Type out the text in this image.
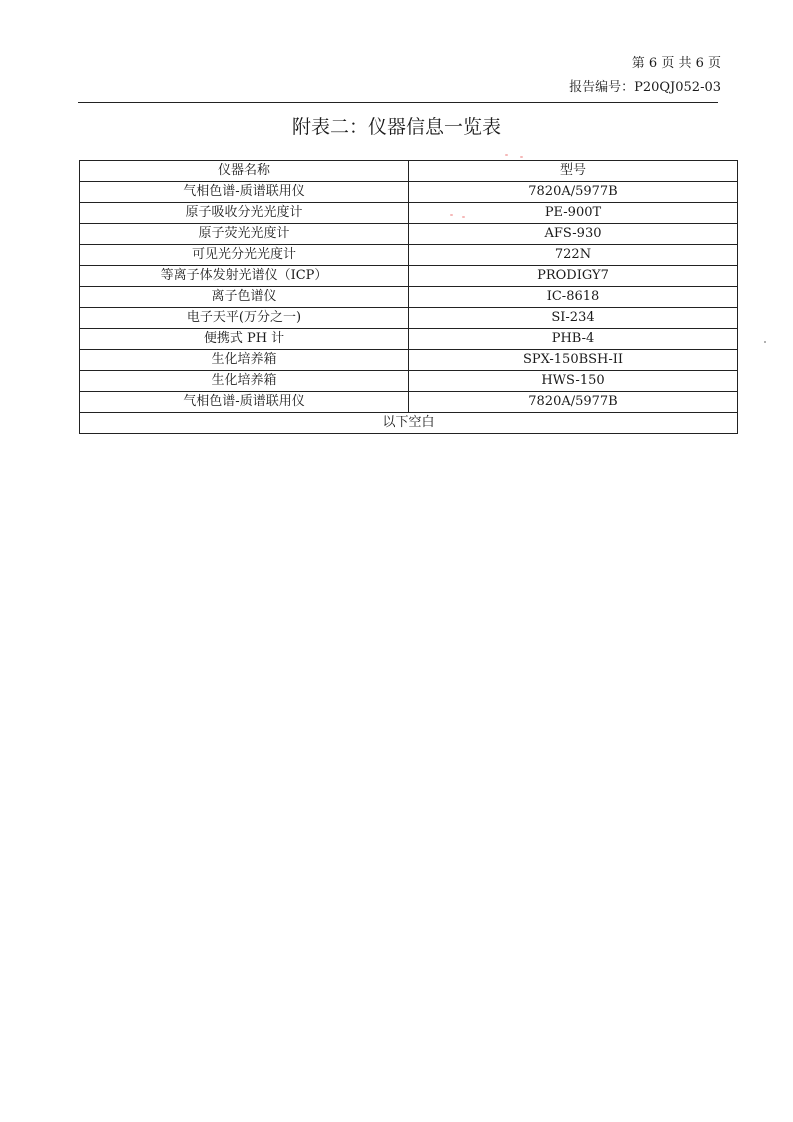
第 6 页 共 6 页
报告编号：P20QJ052-03
附表二：仪器信息一览表
仪器名称	型号
气相色谱-质谱联用仪	7820A/5977B
原子吸收分光光度计	PE-900T
原子荧光光度计	AFS-930
可见光分光光度计	722N
等离子体发射光谱仪（ICP）	PRODIGY7
离子色谱仪	IC-8618
电子天平(万分之一)	SI-234
便携式 PH 计	PHB-4
生化培养箱	SPX-150BSH-II
生化培养箱	HWS-150
气相色谱-质谱联用仪	7820A/5977B
以下空白	
